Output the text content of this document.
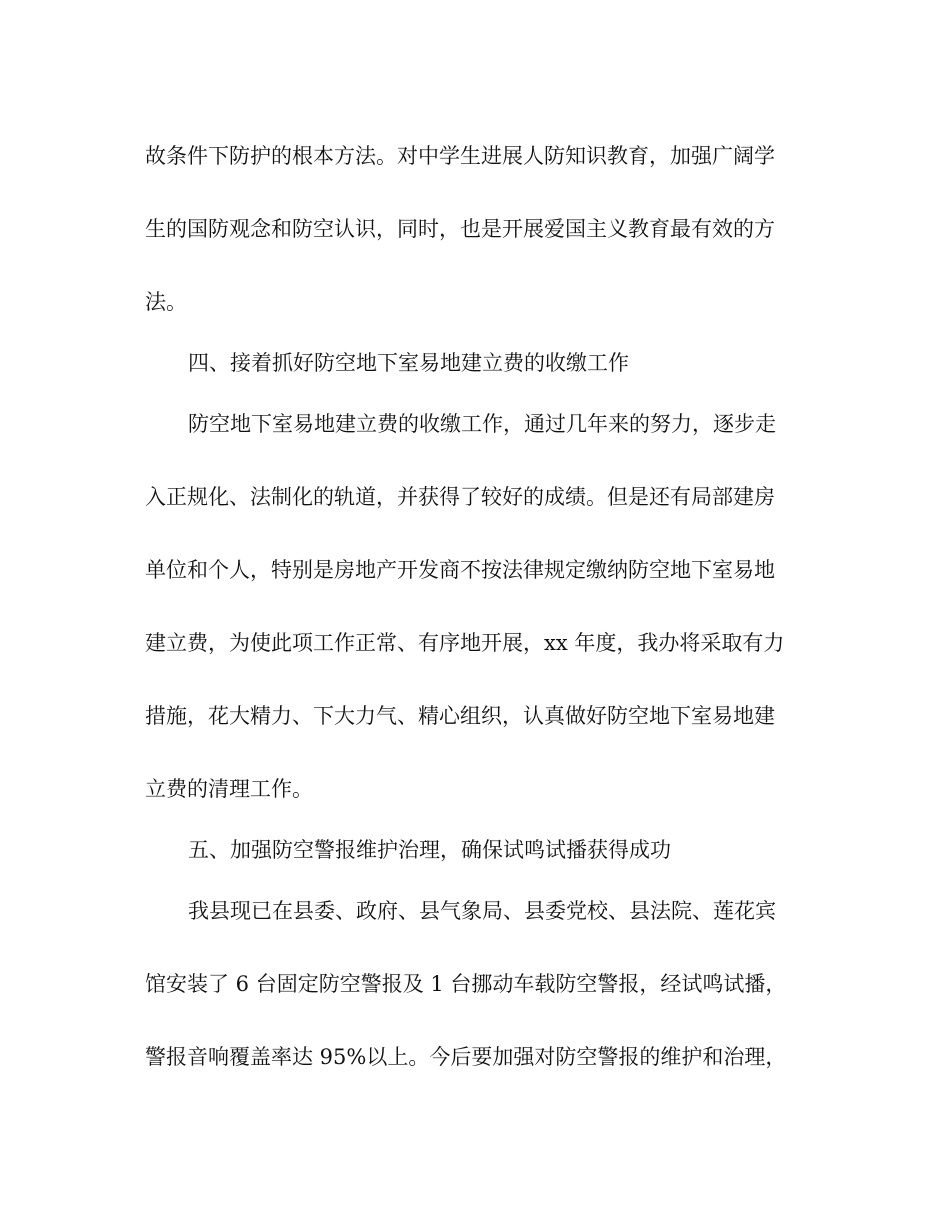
故条件下防护的根本方法。对中学生进展人防知识教育，加强广阔学
生的国防观念和防空认识，同时，也是开展爱国主义教育最有效的方
法。
四、接着抓好防空地下室易地建立费的收缴工作
防空地下室易地建立费的收缴工作，通过几年来的努力，逐步走
入正规化、法制化的轨道，并获得了较好的成绩。但是还有局部建房
单位和个人，特别是房地产开发商不按法律规定缴纳防空地下室易地
建立费，为使此项工作正常、有序地开展，xx 年度，我办将采取有力
措施，花大精力、下大力气、精心组织，认真做好防空地下室易地建
立费的清理工作。
五、加强防空警报维护治理，确保试鸣试播获得成功
我县现已在县委、政府、县气象局、县委党校、县法院、莲花宾
馆安装了 6 台固定防空警报及 1 台挪动车载防空警报，经试鸣试播，
警报音响覆盖率达 95%以上。今后要加强对防空警报的维护和治理，
